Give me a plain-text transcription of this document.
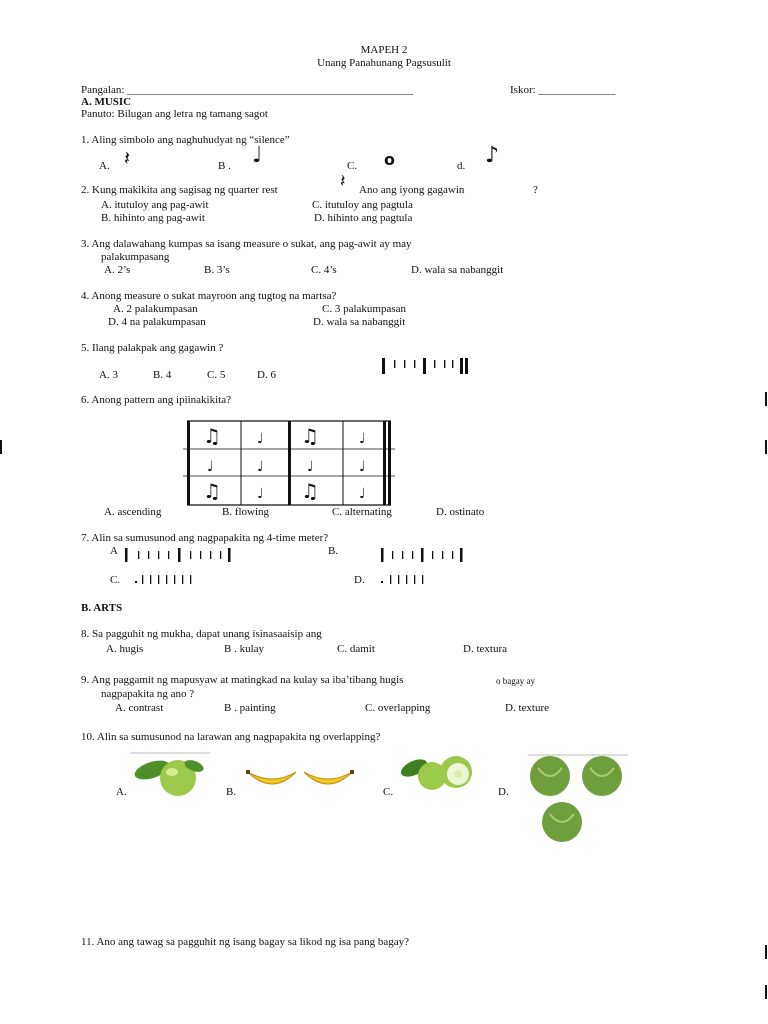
MAPEH 2
Unang Panahunang Pagsusulit
Pangalan: ____________________________________________________	Iskor: ______________
A. MUSIC
Panuto: Bilugan ang letra ng tamang sagot
1. Aling simbolo ang naghuhudyat ng “silence”
A. 𝄽	B . ♩	C. o	d. ♪
2. Kung makikita ang sagisag ng quarter rest	𝄽 Ano ang iyong gagawin	?
A. itutuloy ang pag-awit	C. itutuloy ang pagtula
B. hihinto ang pag-awit	D. hihinto ang pagtula
3. Ang dalawahang kumpas sa isang measure o sukat, ang pag-awit ay may
palakumpasang
A. 2’s	B. 3’s	C. 4’s	D. wala sa nabanggit
4. Anong measure o sukat mayroon ang tugtog na martsa?
A. 2 palakumpasan	C. 3 palakumpasan
D. 4 na palakumpasan	D. wala sa nabanggit
5. Ilang palakpak ang gagawin ?
A. 3	B. 4	C. 5	D. 6
6. Anong pattern ang ipiinakikita?
♫	♩ ♫	♩
♩	♩	♩	♩
♫	♩ ♫	♩
A. ascending	B. flowing	C. alternating	D. ostinato
7. Alin sa sumusunod ang nagpapakita ng 4-time meter?
A	B.
C.	D.
B. ARTS
8. Sa pagguhit ng mukha, dapat unang isinasaaisip ang
A. hugis	B . kulay	C. damit	D. textura
9. Ang paggamit ng mapusyaw at matingkad na kulay sa iba’tibang hugis	o bagay ay
nagpapakita ng ano ?
A. contrast	B . painting	C. overlapping	D. texture
10. Alin sa sumusunod na larawan ang nagpapakita ng overlapping?
A.	B.	C.	D.
11. Ano ang tawag sa pagguhit ng isang bagay sa likod ng isa pang bagay?
